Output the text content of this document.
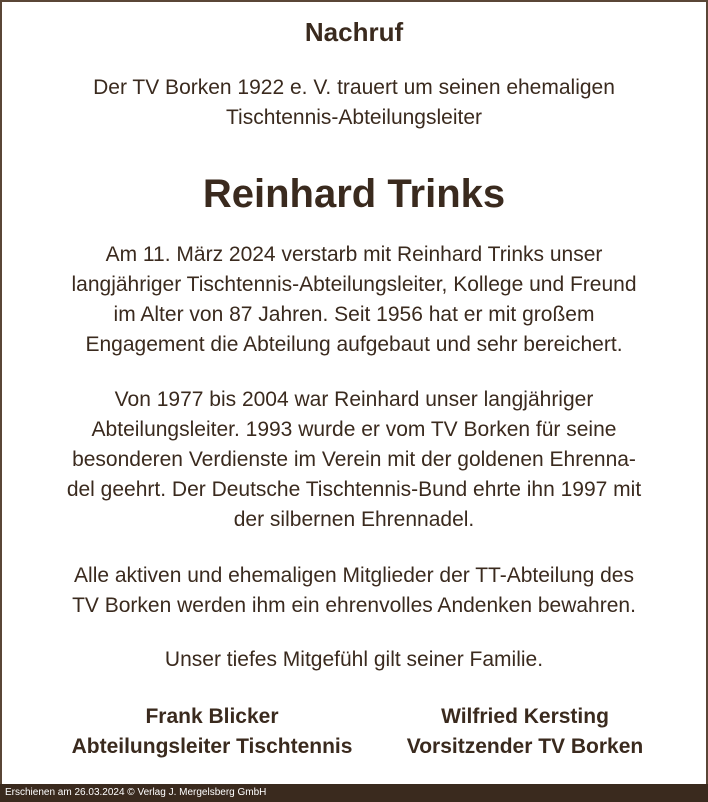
Nachruf
Der TV Borken 1922 e. V. trauert um seinen ehemaligen
Tischtennis-Abteilungsleiter
Reinhard Trinks
Am 11. März 2024 verstarb mit Reinhard Trinks unser
langjähriger Tischtennis-Abteilungsleiter, Kollege und Freund
im Alter von 87 Jahren. Seit 1956 hat er mit großem
Engagement die Abteilung aufgebaut und sehr bereichert.
Von 1977 bis 2004 war Reinhard unser langjähriger
Abteilungsleiter. 1993 wurde er vom TV Borken für seine
besonderen Verdienste im Verein mit der goldenen Ehrenna-
del geehrt. Der Deutsche Tischtennis-Bund ehrte ihn 1997 mit
der silbernen Ehrennadel.
Alle aktiven und ehemaligen Mitglieder der TT-Abteilung des
TV Borken werden ihm ein ehrenvolles Andenken bewahren.
Unser tiefes Mitgefühl gilt seiner Familie.
Frank Blicker
Abteilungsleiter Tischtennis
Wilfried Kersting
Vorsitzender TV Borken
Erschienen am 26.03.2024 © Verlag J. Mergelsberg GmbH
